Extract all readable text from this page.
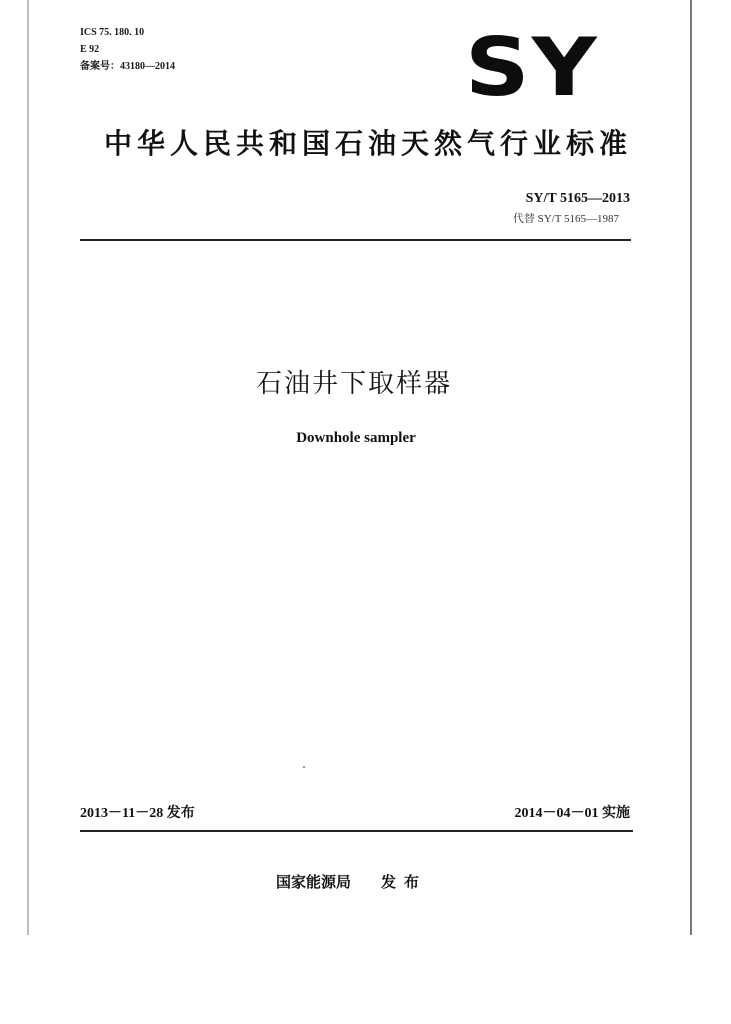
ICS 75. 180. 10
E 92
备案号：43180—2014	SY
中华人民共和国石油天然气行业标准
SY/T 5165—2013
代替 SY/T 5165—1987
石油井下取样器
Downhole sampler
2013－11－28 发布	2014－04－01 实施
国家能源局 发布
